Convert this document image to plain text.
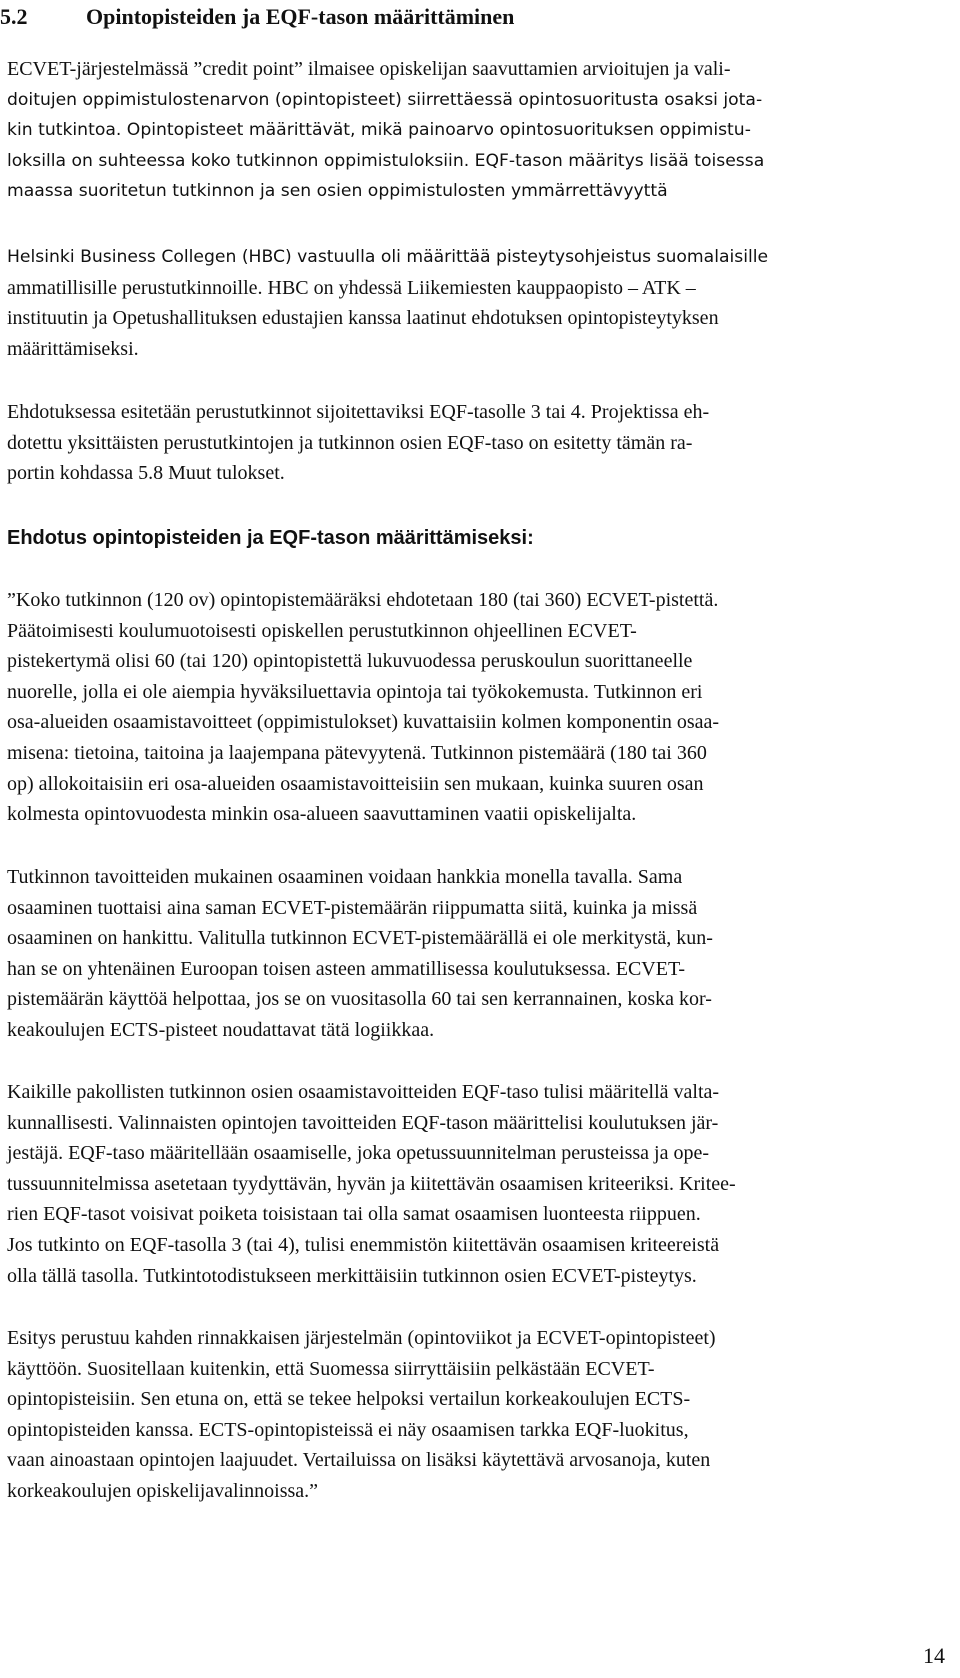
5.2	Opintopisteiden ja EQF-tason määrittäminen
ECVET-järjestelmässä ”credit point” ilmaisee opiskelijan saavuttamien arvioitujen ja vali-
doitujen oppimistulostenarvon (opintopisteet) siirrettäessä opintosuoritusta osaksi jota-
kin tutkintoa. Opintopisteet määrittävät, mikä painoarvo opintosuorituksen oppimistu-
loksilla on suhteessa koko tutkinnon oppimistuloksiin. EQF-tason määritys lisää toisessa
maassa suoritetun tutkinnon ja sen osien oppimistulosten ymmärrettävyyttä
Helsinki Business Collegen (HBC) vastuulla oli määrittää pisteytysohjeistus suomalaisille
ammatillisille perustutkinnoille. HBC on yhdessä Liikemiesten kauppaopisto – ATK –
instituutin ja Opetushallituksen edustajien kanssa laatinut ehdotuksen opintopisteytyksen
määrittämiseksi.
Ehdotuksessa esitetään perustutkinnot sijoitettaviksi EQF-tasolle 3 tai 4. Projektissa eh-
dotettu yksittäisten perustutkintojen ja tutkinnon osien EQF-taso on esitetty tämän ra-
portin kohdassa 5.8 Muut tulokset.
Ehdotus opintopisteiden ja EQF-tason määrittämiseksi:
”Koko tutkinnon (120 ov) opintopistemääräksi ehdotetaan 180 (tai 360) ECVET-pistettä.
Päätoimisesti koulumuotoisesti opiskellen perustutkinnon ohjeellinen ECVET-
pistekertymä olisi 60 (tai 120) opintopistettä lukuvuodessa peruskoulun suorittaneelle
nuorelle, jolla ei ole aiempia hyväksiluettavia opintoja tai työkokemusta. Tutkinnon eri
osa-alueiden osaamistavoitteet (oppimistulokset) kuvattaisiin kolmen komponentin osaa-
misena: tietoina, taitoina ja laajempana pätevyytenä. Tutkinnon pistemäärä (180 tai 360
op) allokoitaisiin eri osa-alueiden osaamistavoitteisiin sen mukaan, kuinka suuren osan
kolmesta opintovuodesta minkin osa-alueen saavuttaminen vaatii opiskelijalta.
Tutkinnon tavoitteiden mukainen osaaminen voidaan hankkia monella tavalla. Sama
osaaminen tuottaisi aina saman ECVET-pistemäärän riippumatta siitä, kuinka ja missä
osaaminen on hankittu. Valitulla tutkinnon ECVET-pistemäärällä ei ole merkitystä, kun-
han se on yhtenäinen Euroopan toisen asteen ammatillisessa koulutuksessa. ECVET-
pistemäärän käyttöä helpottaa, jos se on vuositasolla 60 tai sen kerrannainen, koska kor-
keakoulujen ECTS-pisteet noudattavat tätä logiikkaa.
Kaikille pakollisten tutkinnon osien osaamistavoitteiden EQF-taso tulisi määritellä valta-
kunnallisesti. Valinnaisten opintojen tavoitteiden EQF-tason määrittelisi koulutuksen jär-
jestäjä. EQF-taso määritellään osaamiselle, joka opetussuunnitelman perusteissa ja ope-
tussuunnitelmissa asetetaan tyydyttävän, hyvän ja kiitettävän osaamisen kriteeriksi. Kritee-
rien EQF-tasot voisivat poiketa toisistaan tai olla samat osaamisen luonteesta riippuen.
Jos tutkinto on EQF-tasolla 3 (tai 4), tulisi enemmistön kiitettävän osaamisen kriteereistä
olla tällä tasolla. Tutkintotodistukseen merkittäisiin tutkinnon osien ECVET-pisteytys.
Esitys perustuu kahden rinnakkaisen järjestelmän (opintoviikot ja ECVET-opintopisteet)
käyttöön. Suositellaan kuitenkin, että Suomessa siirryttäisiin pelkästään ECVET-
opintopisteisiin. Sen etuna on, että se tekee helpoksi vertailun korkeakoulujen ECTS-
opintopisteiden kanssa. ECTS-opintopisteissä ei näy osaamisen tarkka EQF-luokitus,
vaan ainoastaan opintojen laajuudet. Vertailuissa on lisäksi käytettävä arvosanoja, kuten
korkeakoulujen opiskelijavalinnoissa.”
14
